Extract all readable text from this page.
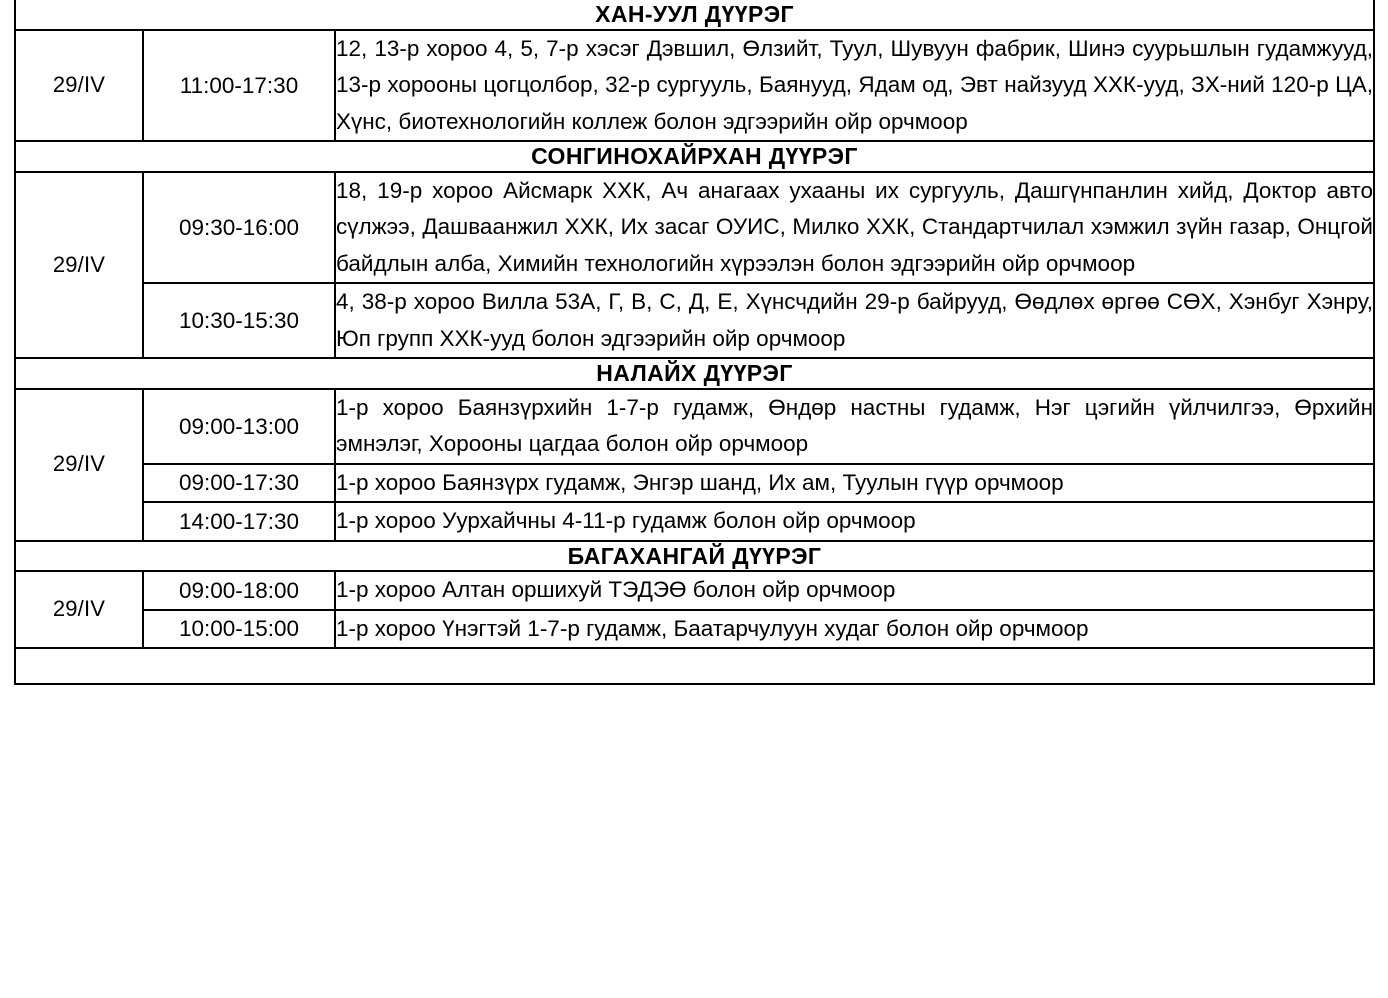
ХАН-УУЛ ДҮҮРЭГ		
29/IV	11:00-17:30	12, 13-р хороо 4, 5, 7-р хэсэг Дэвшил, Өлзийт, Туул, Шувуун фабрик, Шинэ суурьшлын гудамжууд, 13-р хорооны цогцолбор, 32-р сургууль, Баянууд, Ядам од, Эвт найзууд ХХК-ууд, ЗХ-ний 120-р ЦА, Хүнс, биотехнологийн коллеж болон эдгээрийн ойр орчмоор
СОНГИНОХАЙРХАН ДҮҮРЭГ		
29/IV	09:30-16:00	18, 19-р хороо Айсмарк ХХК, Ач анагаах ухааны их сургууль, Дашгүнпанлин хийд, Доктор авто сүлжээ, Дашваанжил ХХК, Их засаг ОУИС, Милко ХХК, Стандартчилал хэмжил зүйн газар, Онцгой байдлын алба, Химийн технологийн хүрээлэн болон эдгээрийн ойр орчмоор
	10:30-15:30	4, 38-р хороо Вилла 53А, Г, В, С, Д, Е, Хүнсчдийн 29-р байрууд, Өөдлөх өргөө СӨХ, Хэнбуг Хэнру, Юп групп ХХК-ууд болон эдгээрийн ойр орчмоор
НАЛАЙХ ДҮҮРЭГ		
29/IV	09:00-13:00	1-р хороо Баянзүрхийн 1-7-р гудамж, Өндөр настны гудамж, Нэг цэгийн үйлчилгээ, Өрхийн эмнэлэг, Хорооны цагдаа болон ойр орчмоор
	09:00-17:30	1-р хороо Баянзүрх гудамж, Энгэр шанд, Их ам, Туулын гүүр орчмоор
	14:00-17:30	1-р хороо Уурхайчны 4-11-р гудамж болон ойр орчмоор
БАГАХАНГАЙ ДҮҮРЭГ		
29/IV	09:00-18:00	1-р хороо Алтан оршихуй ТЭДЭӨ болон ойр орчмоор
	10:00-15:00	1-р хороо Үнэгтэй 1-7-р гудамж, Баатарчулуун худаг болон ойр орчмоор
